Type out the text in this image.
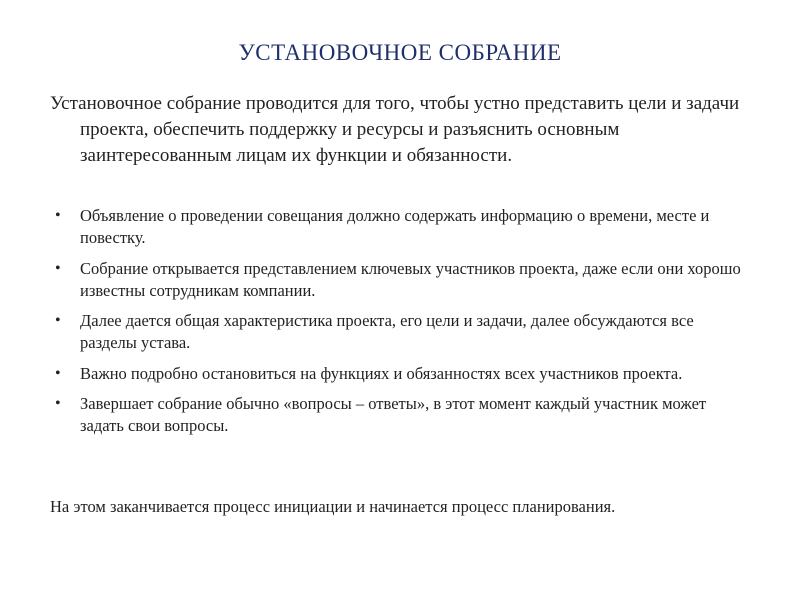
УСТАНОВОЧНОЕ СОБРАНИЕ
Установочное собрание проводится для того, чтобы устно представить цели и задачи проекта, обеспечить поддержку и ресурсы и разъяснить основным заинтересованным лицам их функции и обязанности.
•	Объявление о проведении совещания должно содержать информацию о времени, месте и повестку.
•	Собрание открывается представлением ключевых участников проекта, даже если они хорошо известны сотрудникам компании.
•	Далее дается общая характеристика проекта, его цели и задачи, далее обсуждаются все разделы устава.
•	Важно подробно остановиться на функциях и обязанностях всех участников проекта.
•	Завершает собрание обычно «вопросы – ответы», в этот момент каждый участник может задать свои вопросы.
На этом заканчивается процесс инициации и начинается процесс планирования.
